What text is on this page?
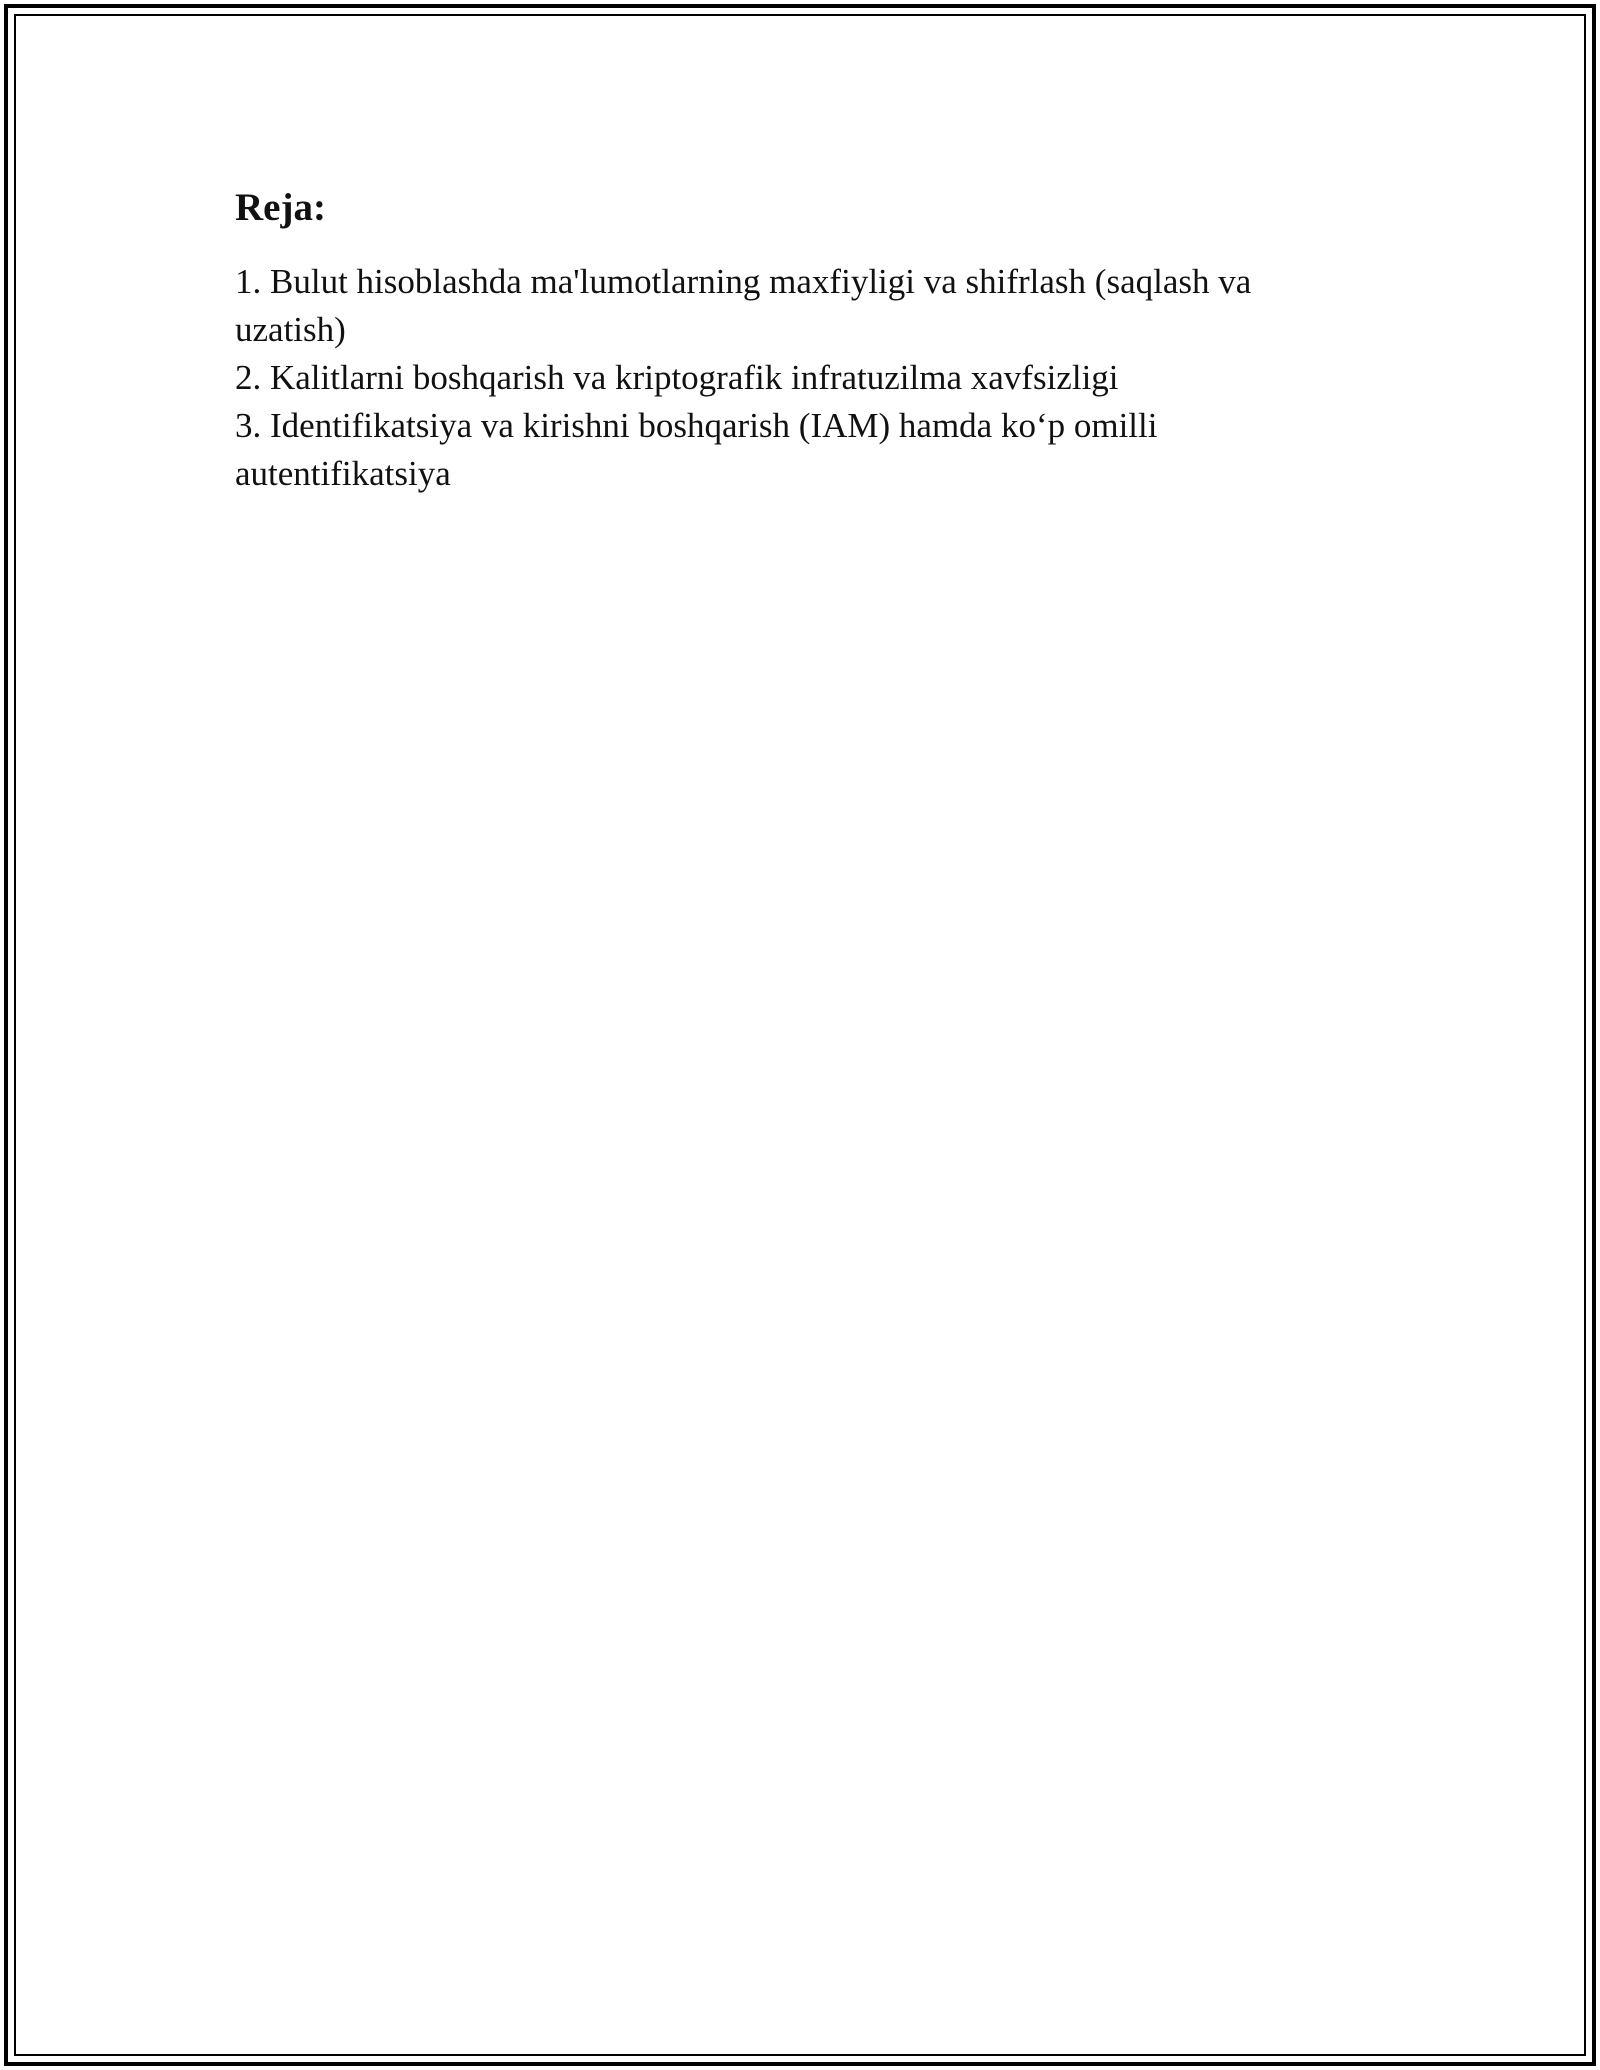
Reja:
1. Bulut hisoblashda ma'lumotlarning maxfiyligi va shifrlash (saqlash va uzatish)
2. Kalitlarni boshqarish va kriptografik infratuzilma xavfsizligi
3. Identifikatsiya va kirishni boshqarish (IAM) hamda ko‘p omilli autentifikatsiya
